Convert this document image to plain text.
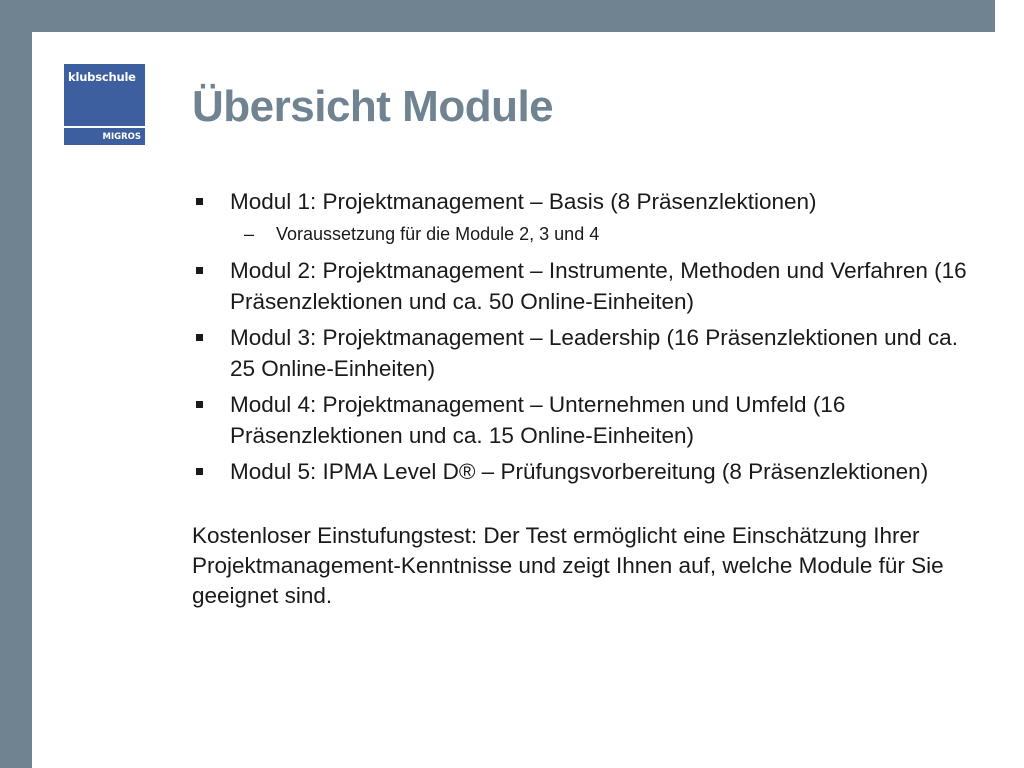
klubschule
MIGROS
Übersicht Module
Modul 1: Projektmanagement – Basis (8 Präsenzlektionen)
– Voraussetzung für die Module 2, 3 und 4
Modul 2: Projektmanagement – Instrumente, Methoden und Verfahren (16 Präsenzlektionen und ca. 50 Online-Einheiten)
Modul 3: Projektmanagement – Leadership (16 Präsenzlektionen und ca. 25 Online-Einheiten)
Modul 4: Projektmanagement – Unternehmen und Umfeld (16 Präsenzlektionen und ca. 15 Online-Einheiten)
Modul 5: IPMA Level D® – Prüfungsvorbereitung (8 Präsenzlektionen)

Kostenloser Einstufungstest: Der Test ermöglicht eine Einschätzung Ihrer Projektmanagement-Kenntnisse und zeigt Ihnen auf, welche Module für Sie geeignet sind.
